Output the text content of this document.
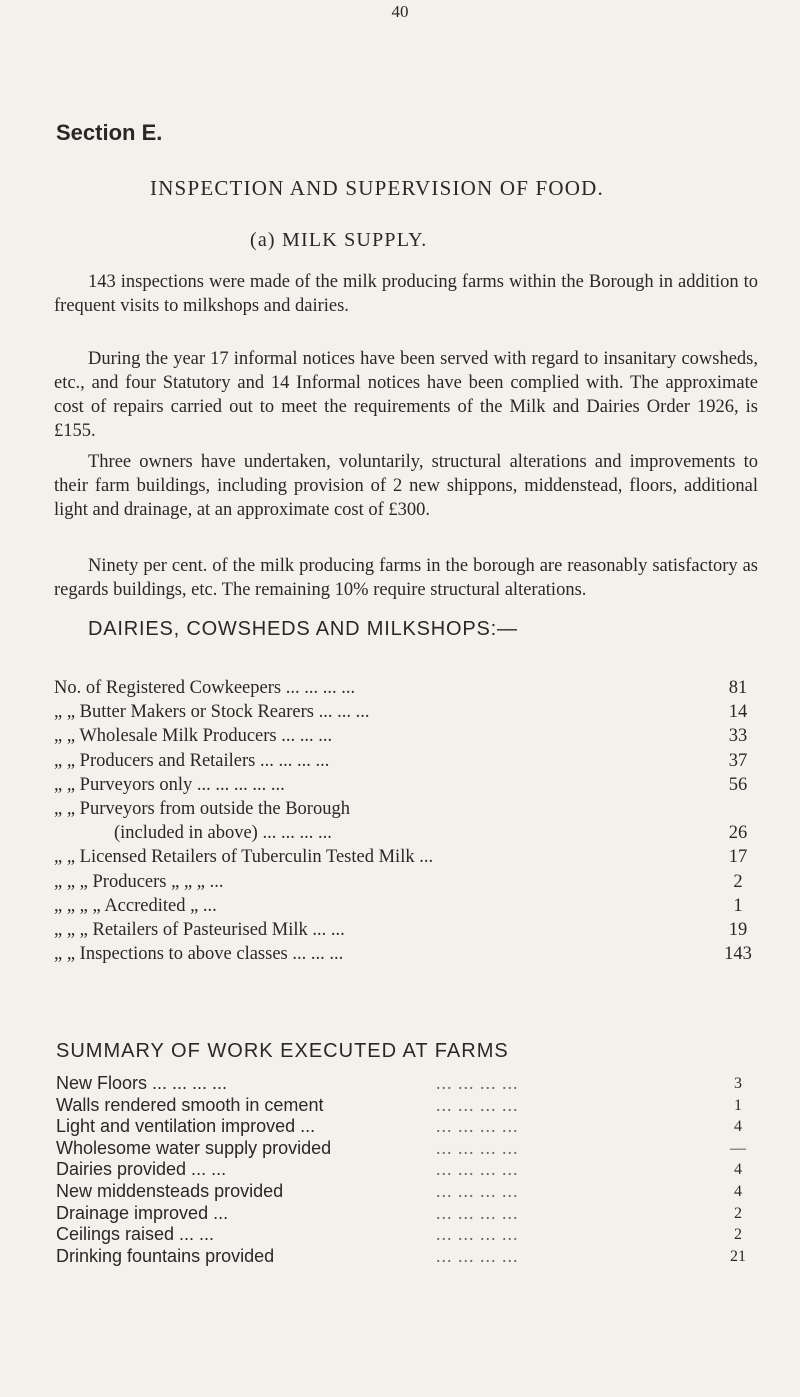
40
Section E.
INSPECTION AND SUPERVISION OF FOOD.
(a) MILK SUPPLY.

143 inspections were made of the milk producing farms within the Borough in addition to frequent visits to milkshops and dairies.

During the year 17 informal notices have been served with regard to insanitary cowsheds, etc., and four Statutory and 14 Informal notices have been complied with. The approximate cost of repairs carried out to meet the requirements of the Milk and Dairies Order 1926, is £155.

Three owners have undertaken, voluntarily, structural alterations and improvements to their farm buildings, including provision of 2 new shippons, middenstead, floors, additional light and drainage, at an approximate cost of £300.

Ninety per cent. of the milk producing farms in the borough are reasonably satisfactory as regards buildings, etc. The remaining 10% require structural alterations.

DAIRIES, COWSHEDS AND MILKSHOPS:—
No. of Registered Cowkeepers ... ... ... ...	81
„ „ Butter Makers or Stock Rearers ... ... ...	14
„ „ Wholesale Milk Producers ... ... ...	33
„ „ Producers and Retailers ... ... ... ...	37
„ „ Purveyors only ... ... ... ... ...	56
„ „ Purveyors from outside the Borough
(included in above) ... ... ... ...	26
„ „ Licensed Retailers of Tuberculin Tested Milk ...	17
„ „ „ Producers „ „ „ ...	2
„ „ „ „ Accredited „ ...	1
„ „ „ Retailers of Pasteurised Milk ... ...	19
„ „ Inspections to above classes ... ... ...	143
SUMMARY OF WORK EXECUTED AT FARMS
New Floors ... ... ... ...	... ... ... ...	3
Walls rendered smooth in cement	... ... ... ...	1
Light and ventilation improved ...	... ... ... ...	4
Wholesome water supply provided	... ... ... ...	—
Dairies provided ... ...	... ... ... ...	4
New middensteads provided	... ... ... ...	4
Drainage improved ...	... ... ... ...	2
Ceilings raised ... ...	... ... ... ...	2
Drinking fountains provided	... ... ... ...	21
